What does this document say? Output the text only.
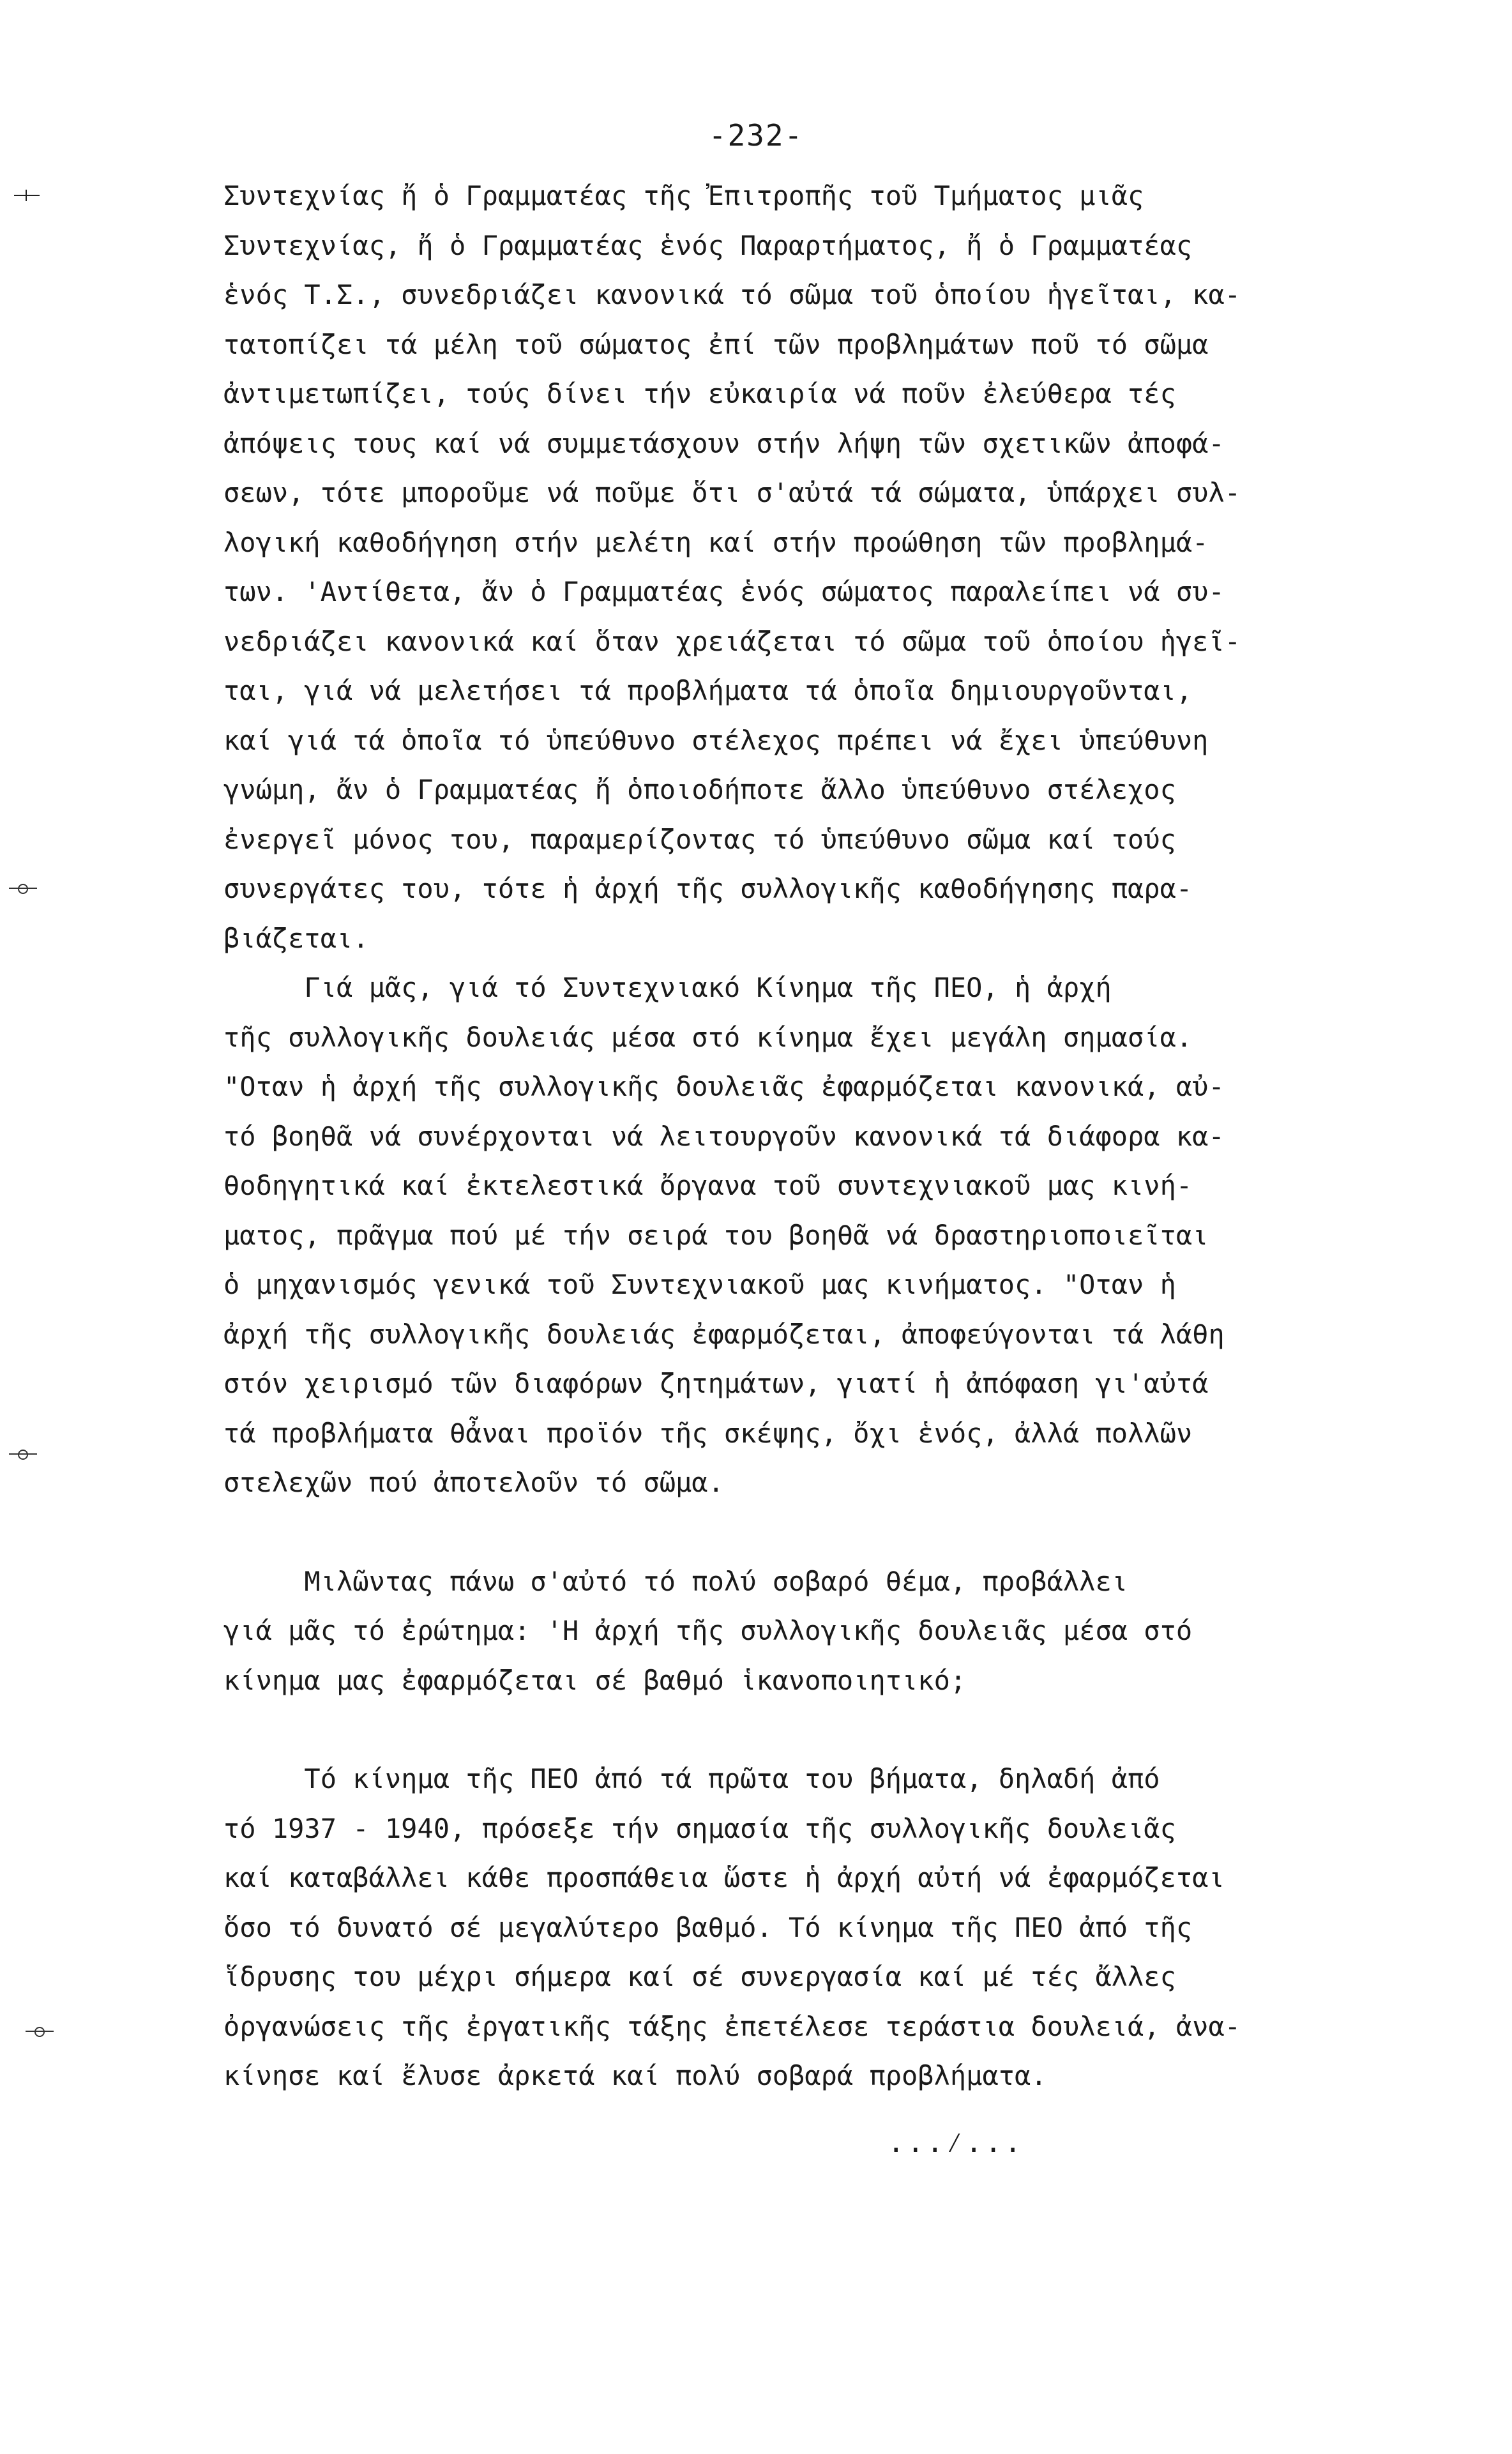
-232-
Συντεχνίας ἤ ὁ Γραμματέας τῆς Ἐπιτροπῆς τοῦ Τμήματος μιᾶς
Συντεχνίας, ἤ ὁ Γραμματέας ἑνός Παραρτήματος, ἤ ὁ Γραμματέας
ἑνός Τ.Σ., συνεδριάζει κανονικά τό σῶμα τοῦ ὁποίου ἡγεῖται, κα-
τατοπίζει τά μέλη τοῦ σώματος ἐπί τῶν προβλημάτων ποῦ τό σῶμα
ἀντιμετωπίζει, τούς δίνει τήν εὐκαιρία νά ποῦν ἐλεύθερα τές
ἀπόψεις τους καί νά συμμετάσχουν στήν λήψη τῶν σχετικῶν ἀποφά-
σεων, τότε μποροῦμε νά ποῦμε ὅτι σ'αὐτά τά σώματα, ὑπάρχει συλ-
λογική καθοδήγηση στήν μελέτη καί στήν προώθηση τῶν προβλημά-
των. 'Αντίθετα, ἄν ὁ Γραμματέας ἑνός σώματος παραλείπει νά συ-
νεδριάζει κανονικά καί ὅταν χρειάζεται τό σῶμα τοῦ ὁποίου ἡγεῖ-
ται, γιά νά μελετήσει τά προβλήματα τά ὁποῖα δημιουργοῦνται,
καί γιά τά ὁποῖα τό ὑπεύθυνο στέλεχος πρέπει νά ἔχει ὑπεύθυνη
γνώμη, ἄν ὁ Γραμματέας ἤ ὁποιοδήποτε ἄλλο ὑπεύθυνο στέλεχος
ἐνεργεῖ μόνος του, παραμερίζοντας τό ὑπεύθυνο σῶμα καί τούς
συνεργάτες του, τότε ἡ ἀρχή τῆς συλλογικῆς καθοδήγησης παρα-
βιάζεται.
Γιά μᾶς, γιά τό Συντεχνιακό Κίνημα τῆς ΠΕΟ, ἡ ἀρχή
τῆς συλλογικῆς δουλειάς μέσα στό κίνημα ἔχει μεγάλη σημασία.
"Οταν ἡ ἀρχή τῆς συλλογικῆς δουλειᾶς ἐφαρμόζεται κανονικά, αὐ-
τό βοηθᾶ νά συνέρχονται νά λειτουργοῦν κανονικά τά διάφορα κα-
θοδηγητικά καί ἐκτελεστικά ὄργανα τοῦ συντεχνιακοῦ μας κινή-
ματος, πρᾶγμα πού μέ τήν σειρά του βοηθᾶ νά δραστηριοποιεῖται
ὁ μηχανισμός γενικά τοῦ Συντεχνιακοῦ μας κινήματος. "Οταν ἡ
ἀρχή τῆς συλλογικῆς δουλειάς ἐφαρμόζεται, ἀποφεύγονται τά λάθη
στόν χειρισμό τῶν διαφόρων ζητημάτων, γιατί ἡ ἀπόφαση γι'αὐτά
τά προβλήματα θἆναι προϊόν τῆς σκέψης, ὄχι ἑνός, ἀλλά πολλῶν
στελεχῶν πού ἀποτελοῦν τό σῶμα.
Μιλῶντας πάνω σ'αὐτό τό πολύ σοβαρό θέμα, προβάλλει
γιά μᾶς τό ἐρώτημα: 'Η ἀρχή τῆς συλλογικῆς δουλειᾶς μέσα στό
κίνημα μας ἐφαρμόζεται σέ βαθμό ἱκανοποιητικό;
Τό κίνημα τῆς ΠΕΟ ἀπό τά πρῶτα του βήματα, δηλαδή ἀπό
τό 1937 - 1940, πρόσεξε τήν σημασία τῆς συλλογικῆς δουλειᾶς
καί καταβάλλει κάθε προσπάθεια ὥστε ἡ ἀρχή αὐτή νά ἐφαρμόζεται
ὅσο τό δυνατό σέ μεγαλύτερο βαθμό. Τό κίνημα τῆς ΠΕΟ ἀπό τῆς
ἵδρυσης του μέχρι σήμερα καί σέ συνεργασία καί μέ τές ἄλλες
ὀργανώσεις τῆς ἐργατικῆς τάξης ἐπετέλεσε τεράστια δουλειά, ἀνα-
κίνησε καί ἔλυσε ἀρκετά καί πολύ σοβαρά προβλήματα.
...⁄...
